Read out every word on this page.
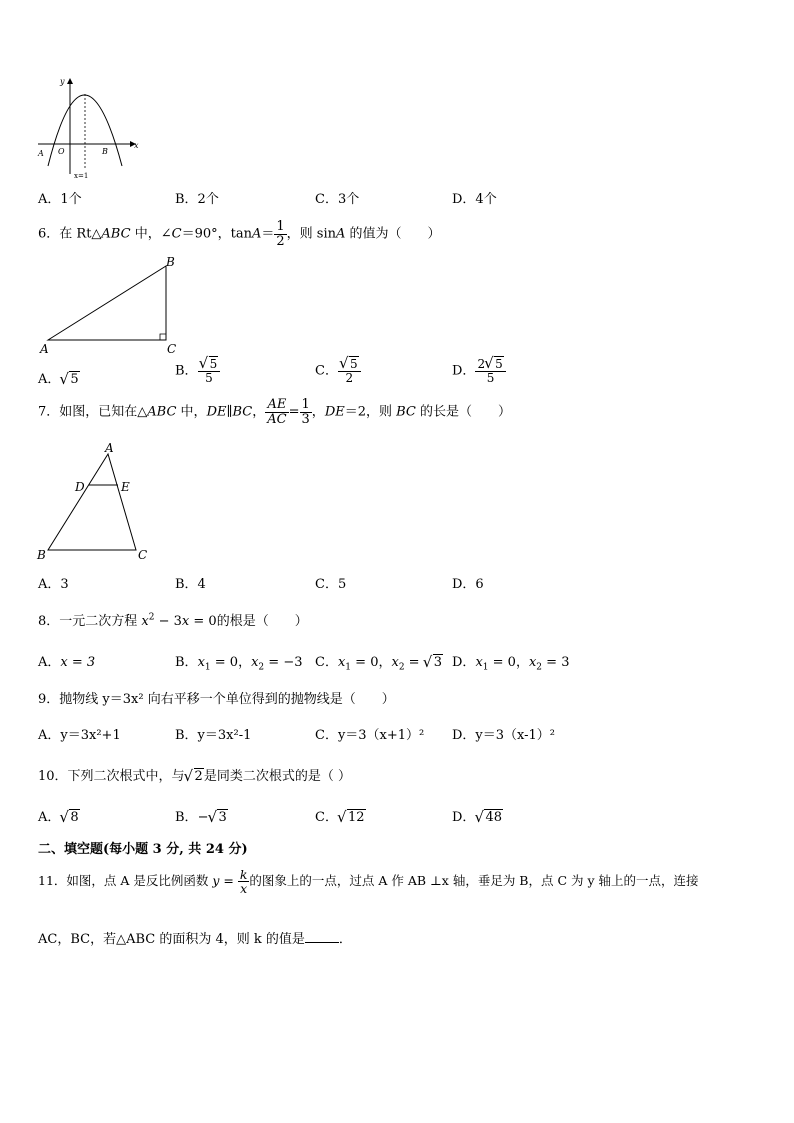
y
x
A O	B
x=1
A．1个	B．2个	C．3个	D．4个
6．在 Rt△ABC 中，∠C＝90°，$\tan A= \frac{1}{2}$ ，则 sinA 的值为（　　）
A
B
C
A． √ 5
B． √ $\frac{5}{5}$	C． √ $\frac{5}{2}$	D． $\frac{2 √ 5}{5}$
7．如图，已知在△ABC 中，DE∥BC， $\frac{AE}{AC} = \frac{1}{3}$ ，DE＝2，则 BC 的长是（　　）
A
D	E
B	C
A．3	B．4	C．5	D．6
8．一元二次方程 $x^2 - 3x = 0$的根是（　　）
A．x = 3	B．$x_1 = 0$，$x_2 = -3$ C．$x_1 = 0$，$x_2$ = √ 3 D．$x_1 = 0$，$x_2 = 3$
9．抛物线 y＝3x² 向右平移一个单位得到的抛物线是（　　）
A．y＝3x²+1	B．y＝3x²-1	C．y＝3（x+1）² D．y＝3（x-1）²
10．下列二次根式中，与 √ 2是同类二次根式的是（ ）
A． √ 8	B．− √ 3	C． √ 12	D． √ 48
二、填空题(每小题 3 分, 共 24 分)
11．如图，点 A 是反比例函数 $y = \frac{k}{x}$ 的图象上的一点，过点 A 作 AB ⊥x 轴，垂足为 B，点 C 为 y 轴上的一点，连接
AC，BC，若△ABC 的面积为 4，则 k 的值是	．
